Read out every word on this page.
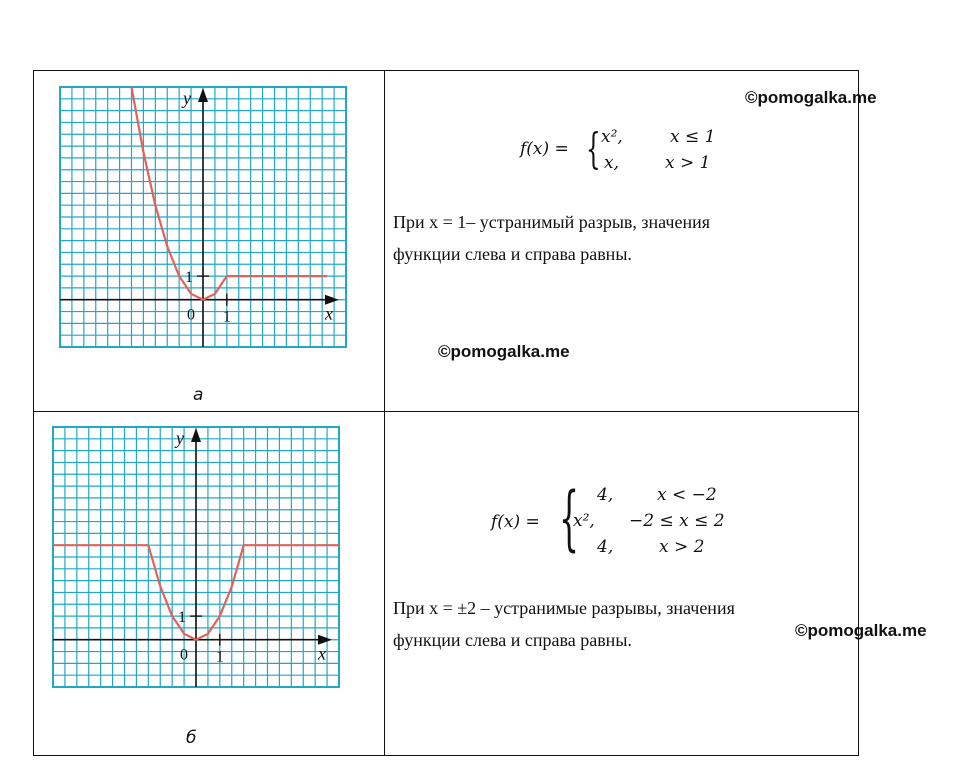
0 1
1
x
y
а
0 1
1
x
y
б
f(x) = { x²,	x ≤ 1
x,	x > 1
При x = 1– устранимый разрыв, значения
функции слева и справа равны.
f(x) = { 4,	x < −2
x², −2 ≤ x ≤ 2
4,	x > 2
При x = ±2 – устранимые разрывы, значения
функции слева и справа равны.
©pomogalka.me
©pomogalka.me
©pomogalka.me
